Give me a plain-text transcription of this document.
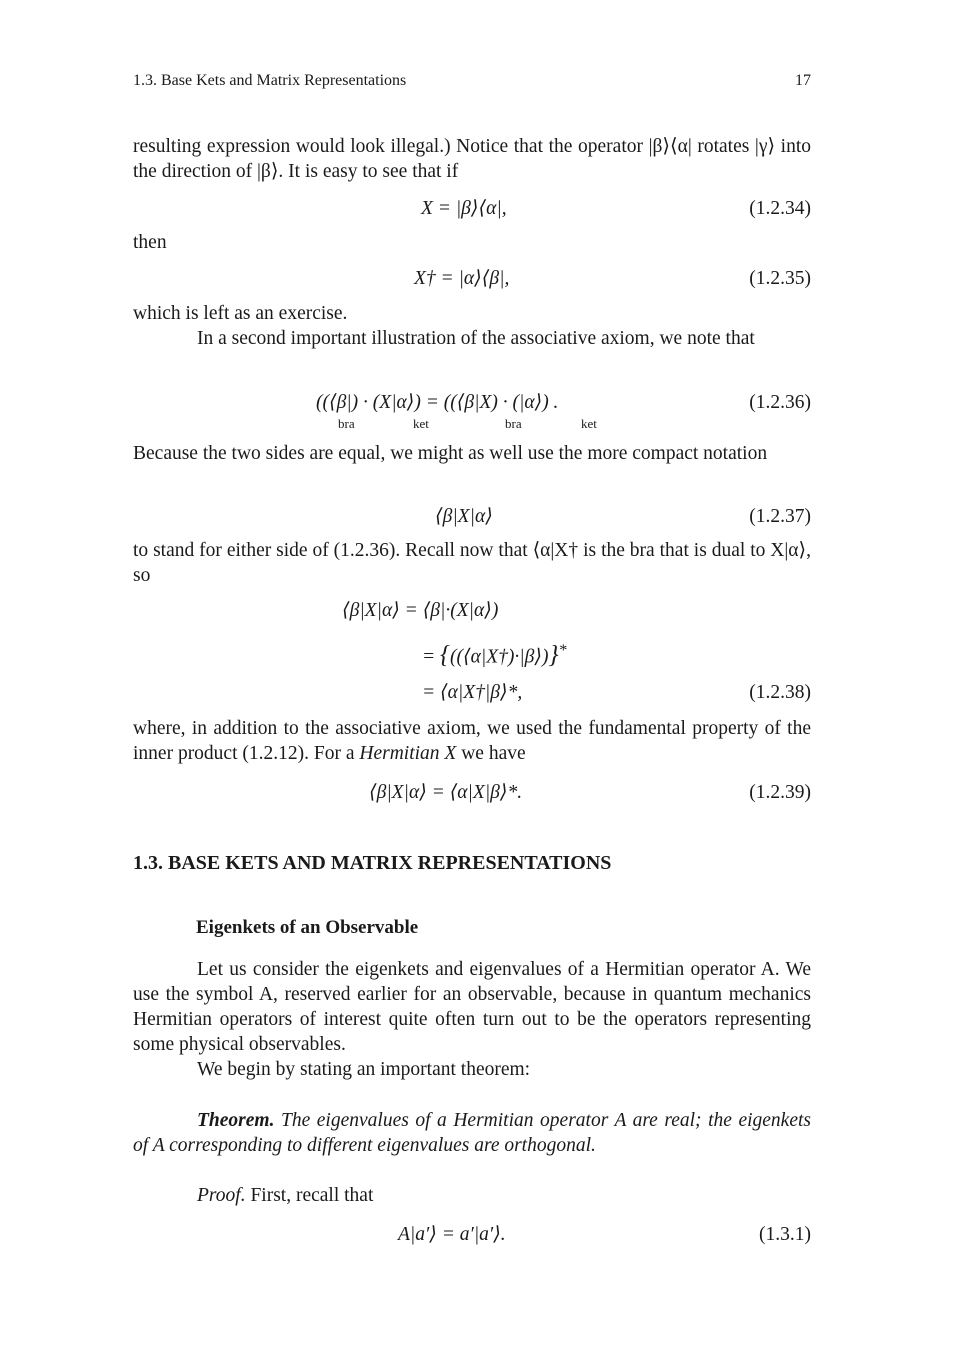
1.3. Base Kets and Matrix Representations	17

resulting expression would look illegal.) Notice that the operator |β⟩⟨α| rotates |γ⟩ into the direction of |β⟩. It is easy to see that if

X = |β⟩⟨α|,	(1.2.34)

then

X† = |α⟩⟨β|,	(1.2.35)

which is left as an exercise.

In a second important illustration of the associative axiom, we note that

((⟨β|) · (X|α⟩) = ((⟨β|X) · (|α⟩) .
bra	ket	bra	ket
(1.2.36)

Because the two sides are equal, we might as well use the more compact notation

⟨β|X|α⟩	(1.2.37)

to stand for either side of (1.2.36). Recall now that ⟨α|X† is the bra that is dual to X|α⟩, so

⟨β|X|α⟩ = ⟨β|·(X|α⟩)
= {((⟨α|X†)·|β⟩)}*
= ⟨α|X†|β⟩*,	(1.2.38)

where, in addition to the associative axiom, we used the fundamental property of the inner product (1.2.12). For a Hermitian X we have

⟨β|X|α⟩ = ⟨α|X|β⟩*.	(1.2.39)
1.3. BASE KETS AND MATRIX REPRESENTATIONS
Eigenkets of an Observable

Let us consider the eigenkets and eigenvalues of a Hermitian operator A. We use the symbol A, reserved earlier for an observable, because in quantum mechanics Hermitian operators of interest quite often turn out to be the operators representing some physical observables.

We begin by stating an important theorem:

Theorem. The eigenvalues of a Hermitian operator A are real; the eigenkets of A corresponding to different eigenvalues are orthogonal.

Proof. First, recall that

A|a′⟩ = a′|a′⟩.	(1.3.1)
